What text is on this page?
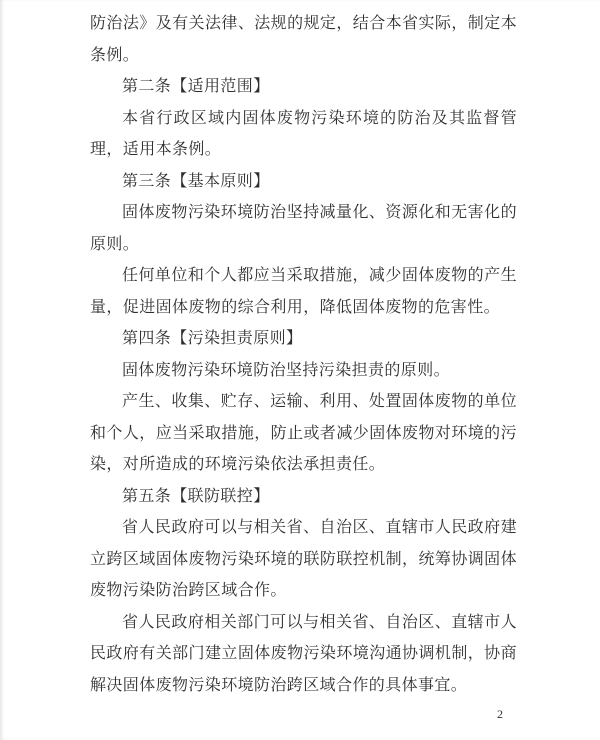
防治法》及有关法律、法规的规定，结合本省实际，制定本条例。

第二条【适用范围】

本省行政区域内固体废物污染环境的防治及其监督管理，适用本条例。

第三条【基本原则】

固体废物污染环境防治坚持减量化、资源化和无害化的原则。

任何单位和个人都应当采取措施，减少固体废物的产生量，促进固体废物的综合利用，降低固体废物的危害性。

第四条【污染担责原则】

固体废物污染环境防治坚持污染担责的原则。

产生、收集、贮存、运输、利用、处置固体废物的单位和个人，应当采取措施，防止或者减少固体废物对环境的污染，对所造成的环境污染依法承担责任。

第五条【联防联控】

省人民政府可以与相关省、自治区、直辖市人民政府建立跨区域固体废物污染环境的联防联控机制，统筹协调固体废物污染防治跨区域合作。

省人民政府相关部门可以与相关省、自治区、直辖市人民政府有关部门建立固体废物污染环境沟通协调机制，协商解决固体废物污染环境防治跨区域合作的具体事宜。

2
